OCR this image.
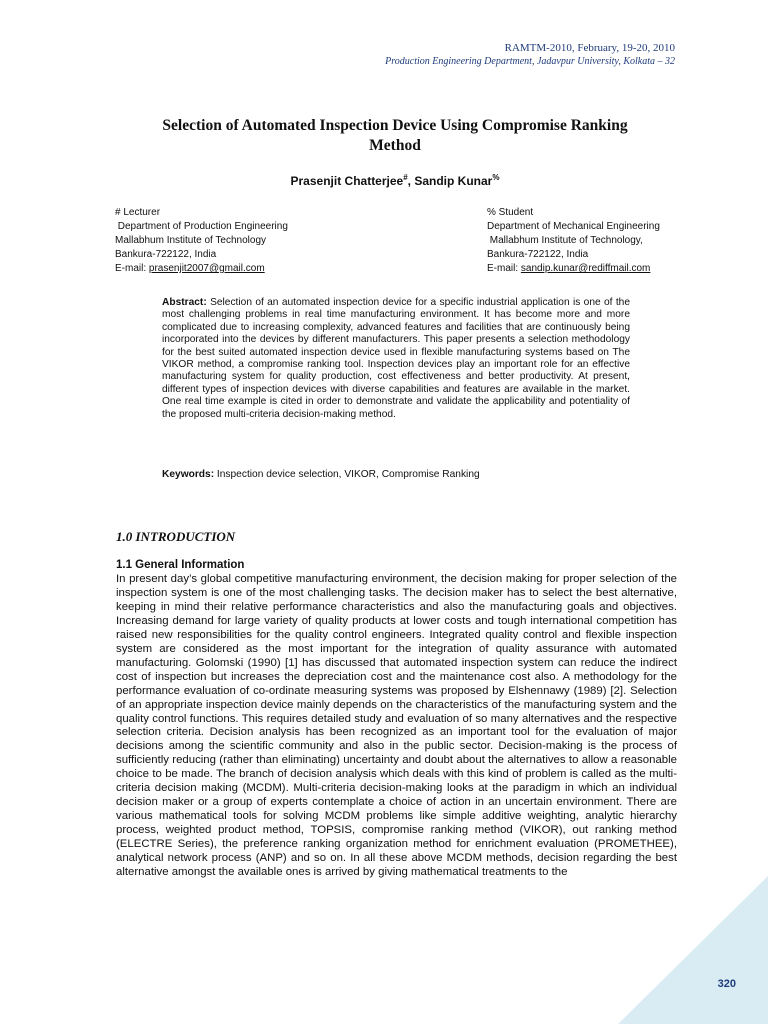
RAMTM-2010, February, 19-20, 2010
Production Engineering Department, Jadavpur University, Kolkata – 32
Selection of Automated Inspection Device Using Compromise Ranking
Method
Prasenjit Chatterjee#, Sandip Kunar%
# Lecturer
Department of Production Engineering
Mallabhum Institute of Technology
Bankura-722122, India
E-mail: prasenjit2007@gmail.com
% Student
Department of Mechanical Engineering
Mallabhum Institute of Technology,
Bankura-722122, India
E-mail: sandip.kunar@rediffmail.com
Abstract: Selection of an automated inspection device for a specific industrial application is one of the most challenging problems in real time manufacturing environment. It has become more and more complicated due to increasing complexity, advanced features and facilities that are continuously being incorporated into the devices by different manufacturers. This paper presents a selection methodology for the best suited automated inspection device used in flexible manufacturing systems based on The VIKOR method, a compromise ranking tool. Inspection devices play an important role for an effective manufacturing system for quality production, cost effectiveness and better productivity. At present, different types of inspection devices with diverse capabilities and features are available in the market. One real time example is cited in order to demonstrate and validate the applicability and potentiality of the proposed multi-criteria decision-making method.
Keywords: Inspection device selection, VIKOR, Compromise Ranking
1.0 INTRODUCTION
1.1 General Information
In present day’s global competitive manufacturing environment, the decision making for proper selection of the inspection system is one of the most challenging tasks. The decision maker has to select the best alternative, keeping in mind their relative performance characteristics and also the manufacturing goals and objectives. Increasing demand for large variety of quality products at lower costs and tough international competition has raised new responsibilities for the quality control engineers. Integrated quality control and flexible inspection system are considered as the most important for the integration of quality assurance with automated manufacturing. Golomski (1990) [1] has discussed that automated inspection system can reduce the indirect cost of inspection but increases the depreciation cost and the maintenance cost also. A methodology for the performance evaluation of co-ordinate measuring systems was proposed by Elshennawy (1989) [2]. Selection of an appropriate inspection device mainly depends on the characteristics of the manufacturing system and the quality control functions. This requires detailed study and evaluation of so many alternatives and the respective selection criteria. Decision analysis has been recognized as an important tool for the evaluation of major decisions among the scientific community and also in the public sector. Decision-making is the process of sufficiently reducing (rather than eliminating) uncertainty and doubt about the alternatives to allow a reasonable choice to be made. The branch of decision analysis which deals with this kind of problem is called as the multi-criteria decision making (MCDM). Multi-criteria decision-making looks at the paradigm in which an individual decision maker or a group of experts contemplate a choice of action in an uncertain environment. There are various mathematical tools for solving MCDM problems like simple additive weighting, analytic hierarchy process, weighted product method, TOPSIS, compromise ranking method (VIKOR), out ranking method (ELECTRE Series), the preference ranking organization method for enrichment evaluation (PROMETHEE), analytical network process (ANP) and so on. In all these above MCDM methods, decision regarding the best alternative amongst the available ones is arrived by giving mathematical treatments to the
320
